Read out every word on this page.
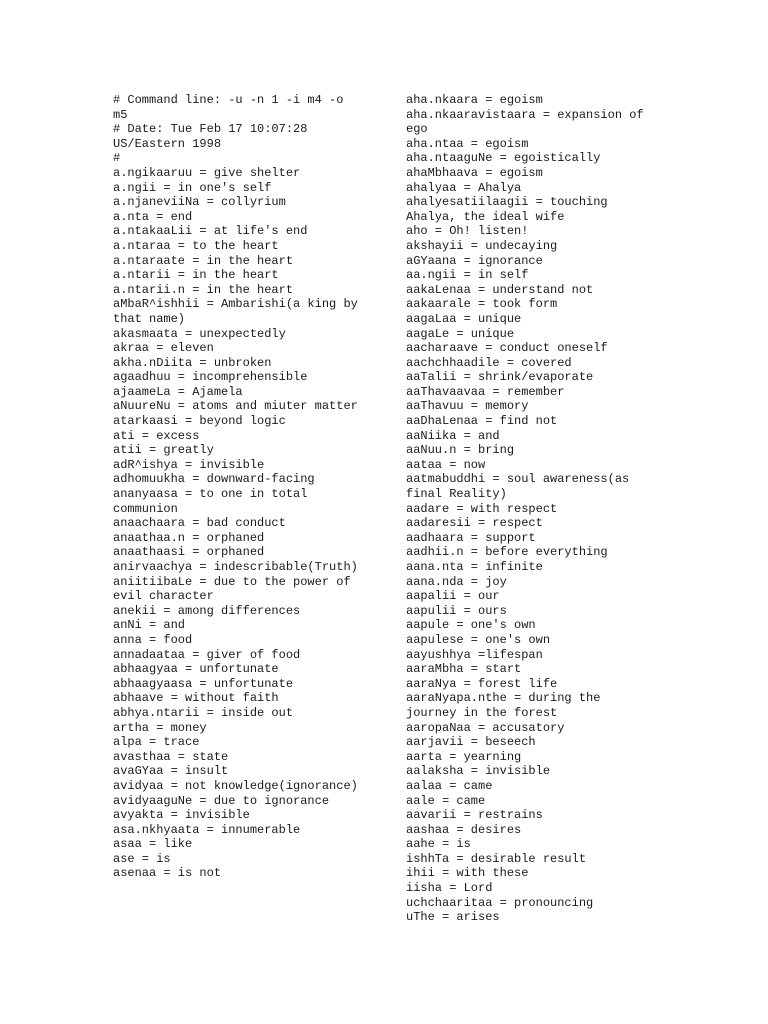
# Command line: -u -n 1 -i m4 -o m5
# Date: Tue Feb 17 10:07:28 US/Eastern 1998
#
a.ngikaaruu = give shelter
a.ngii = in one's self
a.njaneviiNa = collyrium
a.nta = end
a.ntakaaLii = at life's end
a.ntaraa = to the heart
a.ntaraate = in the heart
a.ntarii = in the heart
a.ntarii.n = in the heart
aMbaR^ishhii = Ambarishi(a king by that name)
akasmaata = unexpectedly
akraa = eleven
akha.nDiita = unbroken
agaadhuu = incomprehensible
ajaameLa = Ajamela
aNuureNu = atoms and miuter matter
atarkaasi = beyond logic
ati = excess
atii = greatly
adR^ishya = invisible
adhomuukha = downward-facing
ananyaasa = to one in total communion
anaachaara = bad conduct
anaathaa.n = orphaned
anaathaasi = orphaned
anirvaachya = indescribable(Truth)
aniitiibaLe = due to the power of evil character
anekii = among differences
anNi = and
anna = food
annadaataa = giver of food
abhaagyaa = unfortunate
abhaagyaasa = unfortunate
abhaave = without faith
abhya.ntarii = inside out
artha = money
alpa = trace
avasthaa = state
avaGYaa = insult
avidyaa = not knowledge(ignorance)
avidyaaguNe = due to ignorance
avyakta = invisible
asa.nkhyaata = innumerable
asaa = like
ase = is
asenaa = is not
aha.nkaara = egoism
aha.nkaaravistaara = expansion of ego
aha.ntaa = egoism
aha.ntaaguNe = egoistically
ahaMbhaava = egoism
ahalyaa = Ahalya
ahalyesatiilaagii = touching Ahalya, the ideal wife
aho = Oh! listen!
akshayii = undecaying
aGYaana = ignorance
aa.ngii = in self
aakaLenaa = understand not
aakaarale = took form
aagaLaa = unique
aagaLe = unique
aacharaave = conduct oneself
aachchhaadile = covered
aaTalii = shrink/evaporate
aaThavaavaa = remember
aaThavuu = memory
aaDhaLenaa = find not
aaNiika = and
aaNuu.n = bring
aataa = now
aatmabuddhi = soul awareness(as final Reality)
aadare = with respect
aadaresii = respect
aadhaara = support
aadhii.n = before everything
aana.nta = infinite
aana.nda = joy
aapalii = our
aapulii = ours
aapule = one's own
aapulese = one's own
aayushhya =lifespan
aaraMbha = start
aaraNya = forest life
aaraNyapa.nthe = during the journey in the forest
aaropaNaa = accusatory
aarjavii = beseech
aarta = yearning
aalaksha = invisible
aalaa = came
aale = came
aavarii = restrains
aashaa = desires
aahe = is
ishhTa = desirable result
ihii = with these
iisha = Lord
uchchaaritaa = pronouncing
uThe = arises
